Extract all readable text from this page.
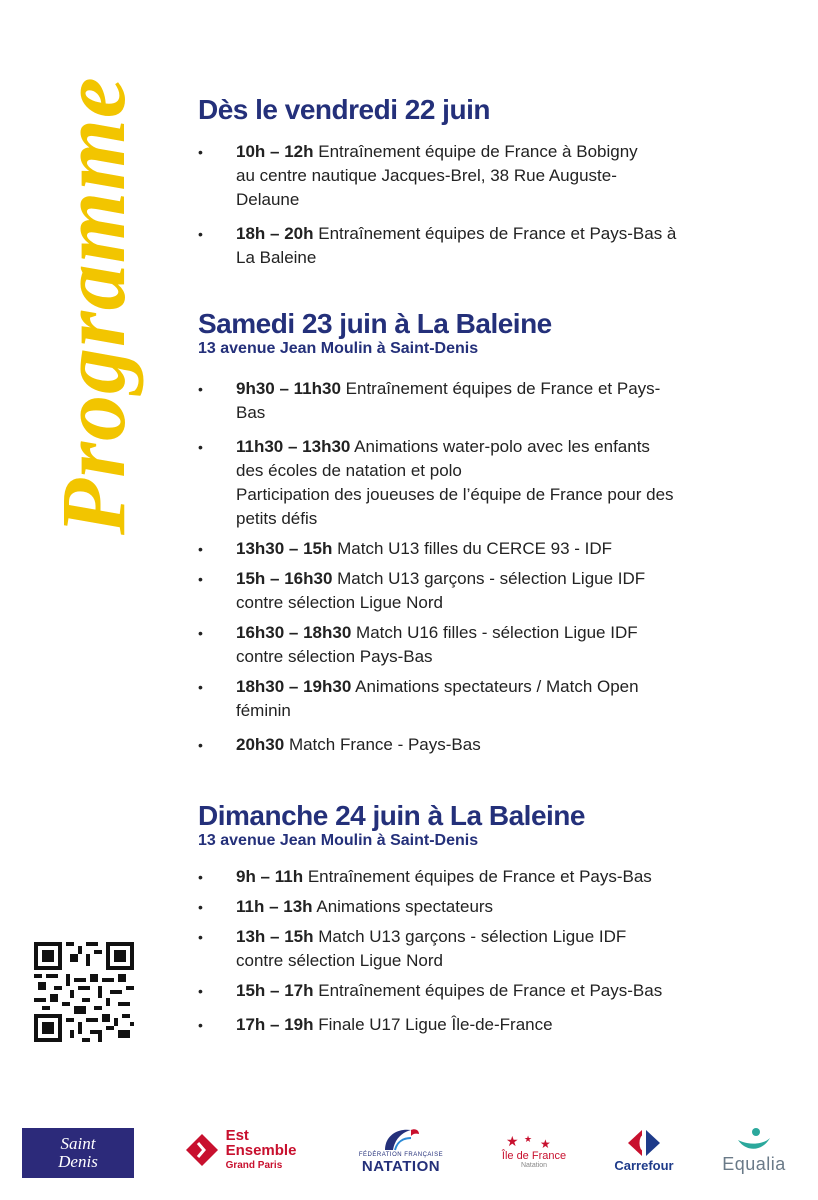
Programme Dès le vendredi 22 juin
• 10h – 12h Entraînement équipe de France à Bobigny
au centre nautique Jacques-Brel, 38 Rue Auguste-
Delaune
• 18h – 20h Entraînement équipes de France et Pays-Bas à
La Baleine
Samedi 23 juin à La Baleine

13 avenue Jean Moulin à Saint-Denis

• 9h30 – 11h30 Entraînement équipes de France et Pays-
Bas
• 11h30 – 13h30 Animations water-polo avec les enfants
des écoles de natation et polo
Participation des joueuses de l’équipe de France pour des
petits défis
• 13h30 – 15h Match U13 filles du CERCE 93 - IDF
• 15h – 16h30 Match U13 garçons - sélection Ligue IDF
contre sélection Ligue Nord
• 16h30 – 18h30 Match U16 filles - sélection Ligue IDF
contre sélection Pays-Bas
• 18h30 – 19h30 Animations spectateurs / Match Open
féminin
• 20h30 Match France - Pays-Bas
Dimanche 24 juin à La Baleine

13 avenue Jean Moulin à Saint-Denis

• 9h – 11h Entraînement équipes de France et Pays-Bas
• 11h – 13h Animations spectateurs
• 13h – 15h Match U13 garçons - sélection Ligue IDF
contre sélection Ligue Nord
• 15h – 17h Entraînement équipes de France et Pays-Bas
• 17h – 19h Finale U17 Ligue Île-de-France
Saint
Denis
Est
Ensemble
Grand Paris
FÉDÉRATION FRANÇAISE
NATATION
★ ★ ★
Île de France
Natation	Carrefour	Equalia
